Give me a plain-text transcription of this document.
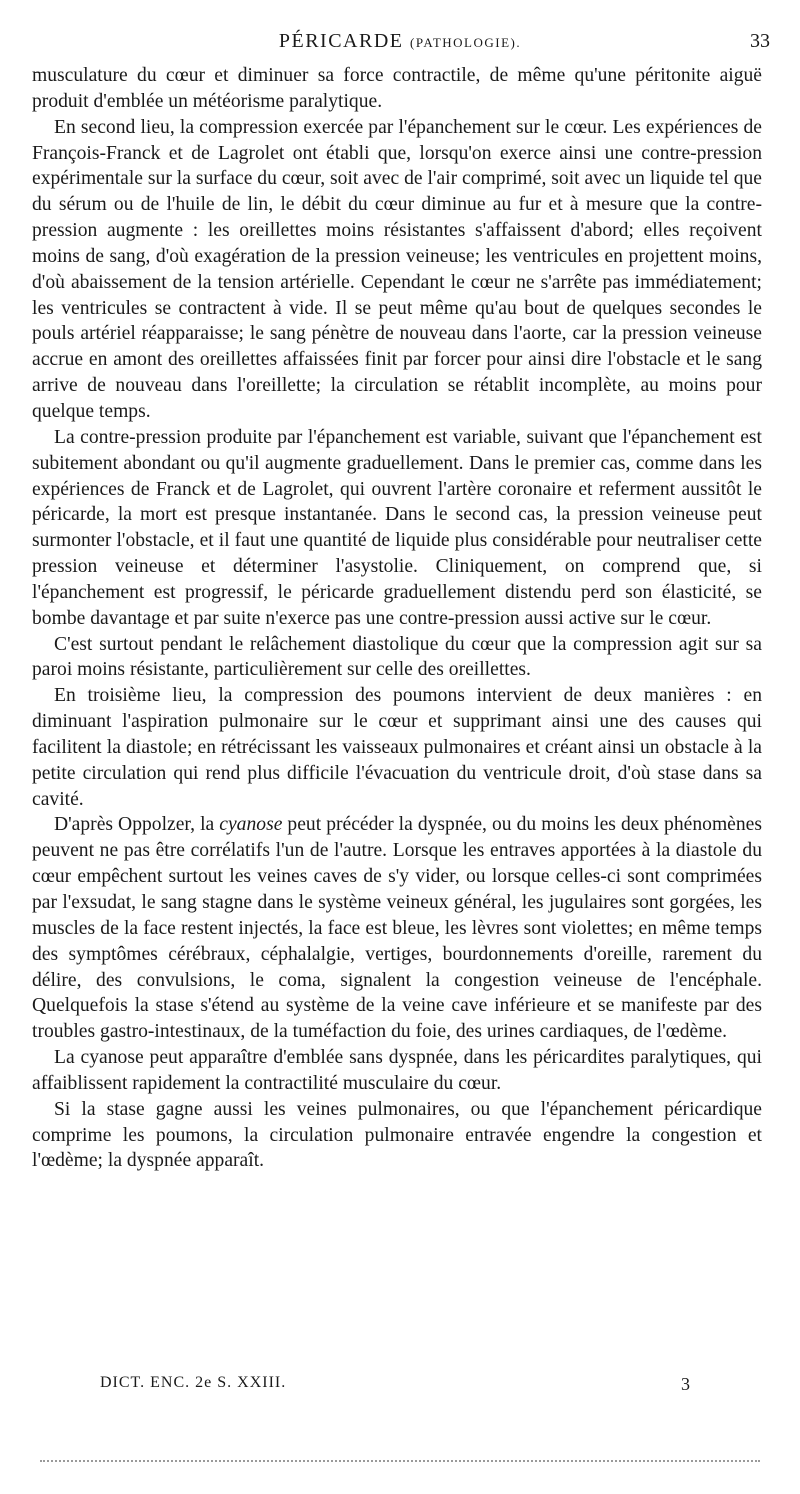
PÉRICARDE (PATHOLOGIE).	33

musculature du cœur et diminuer sa force contractile, de même qu'une péritonite aiguë produit d'emblée un météorisme paralytique.

En second lieu, la compression exercée par l'épanchement sur le cœur. Les expériences de François-Franck et de Lagrolet ont établi que, lorsqu'on exerce ainsi une contre-pression expérimentale sur la surface du cœur, soit avec de l'air comprimé, soit avec un liquide tel que du sérum ou de l'huile de lin, le débit du cœur diminue au fur et à mesure que la contre-pression augmente : les oreillettes moins résistantes s'affaissent d'abord; elles reçoivent moins de sang, d'où exagération de la pression veineuse; les ventricules en projettent moins, d'où abaissement de la tension artérielle. Cependant le cœur ne s'arrête pas immédiatement; les ventricules se contractent à vide. Il se peut même qu'au bout de quelques secondes le pouls artériel réapparaisse; le sang pénètre de nouveau dans l'aorte, car la pression veineuse accrue en amont des oreillettes affaissées finit par forcer pour ainsi dire l'obstacle et le sang arrive de nouveau dans l'oreillette; la circulation se rétablit incomplète, au moins pour quelque temps.

La contre-pression produite par l'épanchement est variable, suivant que l'épanchement est subitement abondant ou qu'il augmente graduellement. Dans le premier cas, comme dans les expériences de Franck et de Lagrolet, qui ouvrent l'artère coronaire et referment aussitôt le péricarde, la mort est presque instantanée. Dans le second cas, la pression veineuse peut surmonter l'obstacle, et il faut une quantité de liquide plus considérable pour neutraliser cette pression veineuse et déterminer l'asystolie. Cliniquement, on comprend que, si l'épanchement est progressif, le péricarde graduellement distendu perd son élasticité, se bombe davantage et par suite n'exerce pas une contre-pression aussi active sur le cœur.

C'est surtout pendant le relâchement diastolique du cœur que la compression agit sur sa paroi moins résistante, particulièrement sur celle des oreillettes.

En troisième lieu, la compression des poumons intervient de deux manières : en diminuant l'aspiration pulmonaire sur le cœur et supprimant ainsi une des causes qui facilitent la diastole; en rétrécissant les vaisseaux pulmonaires et créant ainsi un obstacle à la petite circulation qui rend plus difficile l'évacuation du ventricule droit, d'où stase dans sa cavité.

D'après Oppolzer, la cyanose peut précéder la dyspnée, ou du moins les deux phénomènes peuvent ne pas être corrélatifs l'un de l'autre. Lorsque les entraves apportées à la diastole du cœur empêchent surtout les veines caves de s'y vider, ou lorsque celles-ci sont comprimées par l'exsudat, le sang stagne dans le système veineux général, les jugulaires sont gorgées, les muscles de la face restent injectés, la face est bleue, les lèvres sont violettes; en même temps des symptômes cérébraux, céphalalgie, vertiges, bourdonnements d'oreille, rarement du délire, des convulsions, le coma, signalent la congestion veineuse de l'encéphale. Quelquefois la stase s'étend au système de la veine cave inférieure et se manifeste par des troubles gastro-intestinaux, de la tuméfaction du foie, des urines cardiaques, de l'œdème.

La cyanose peut apparaître d'emblée sans dyspnée, dans les péricardites paralytiques, qui affaiblissent rapidement la contractilité musculaire du cœur.

Si la stase gagne aussi les veines pulmonaires, ou que l'épanchement péricardique comprime les poumons, la circulation pulmonaire entravée engendre la congestion et l'œdème; la dyspnée apparaît.

DICT. ENC. 2e S. XXIII.	3
